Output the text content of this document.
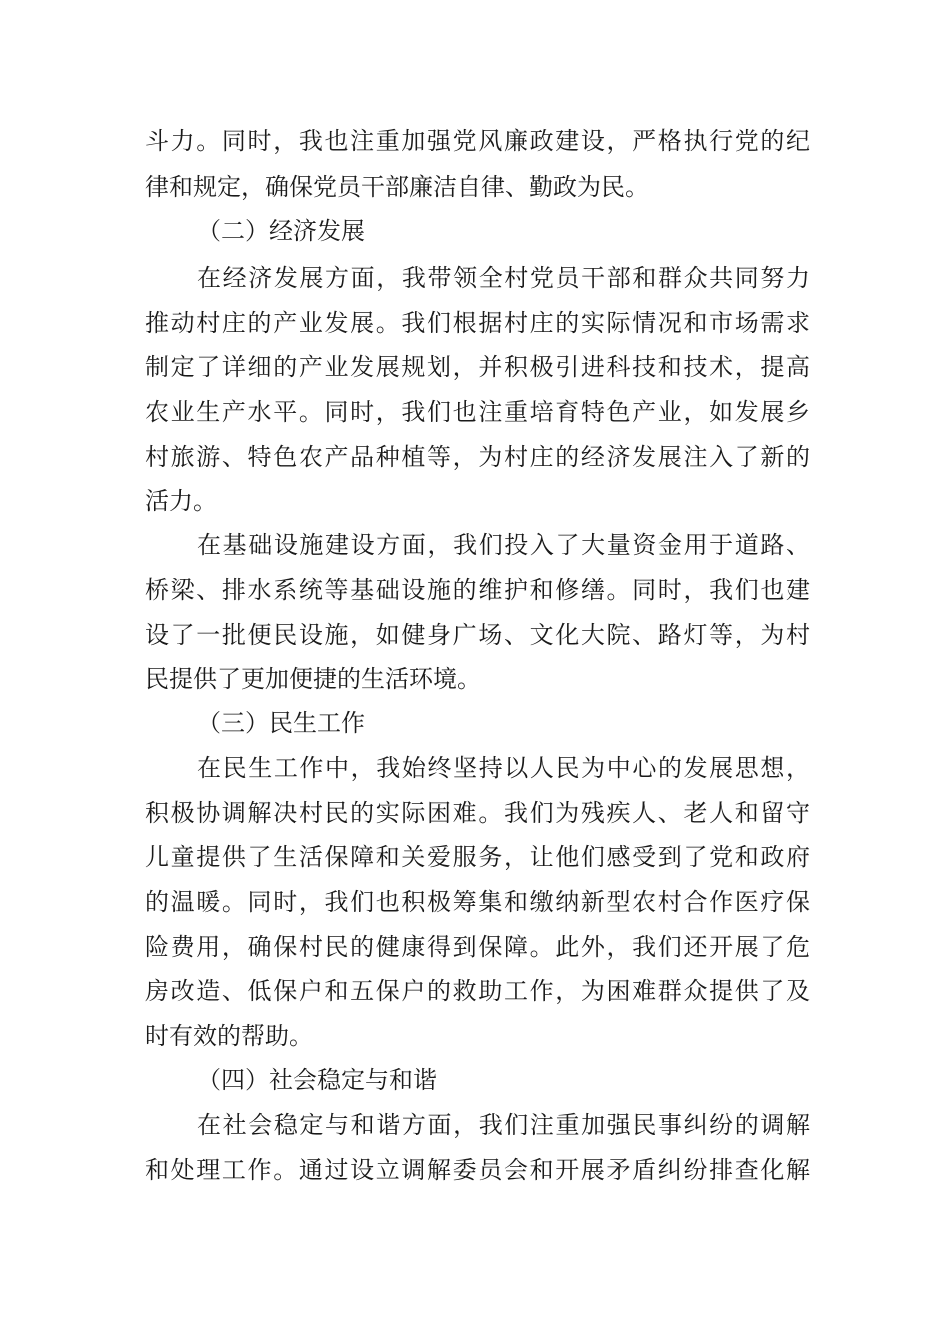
斗力。同时，我也注重加强党风廉政建设，严格执行党的纪
律和规定，确保党员干部廉洁自律、勤政为民。
（二）经济发展
在经济发展方面，我带领全村党员干部和群众共同努力
推动村庄的产业发展。我们根据村庄的实际情况和市场需求
制定了详细的产业发展规划，并积极引进科技和技术，提高
农业生产水平。同时，我们也注重培育特色产业，如发展乡
村旅游、特色农产品种植等，为村庄的经济发展注入了新的
活力。
在基础设施建设方面，我们投入了大量资金用于道路、
桥梁、排水系统等基础设施的维护和修缮。同时，我们也建
设了一批便民设施，如健身广场、文化大院、路灯等，为村
民提供了更加便捷的生活环境。
（三）民生工作
在民生工作中，我始终坚持以人民为中心的发展思想，
积极协调解决村民的实际困难。我们为残疾人、老人和留守
儿童提供了生活保障和关爱服务，让他们感受到了党和政府
的温暖。同时，我们也积极筹集和缴纳新型农村合作医疗保
险费用，确保村民的健康得到保障。此外，我们还开展了危
房改造、低保户和五保户的救助工作，为困难群众提供了及
时有效的帮助。
（四）社会稳定与和谐
在社会稳定与和谐方面，我们注重加强民事纠纷的调解
和处理工作。通过设立调解委员会和开展矛盾纠纷排查化解
